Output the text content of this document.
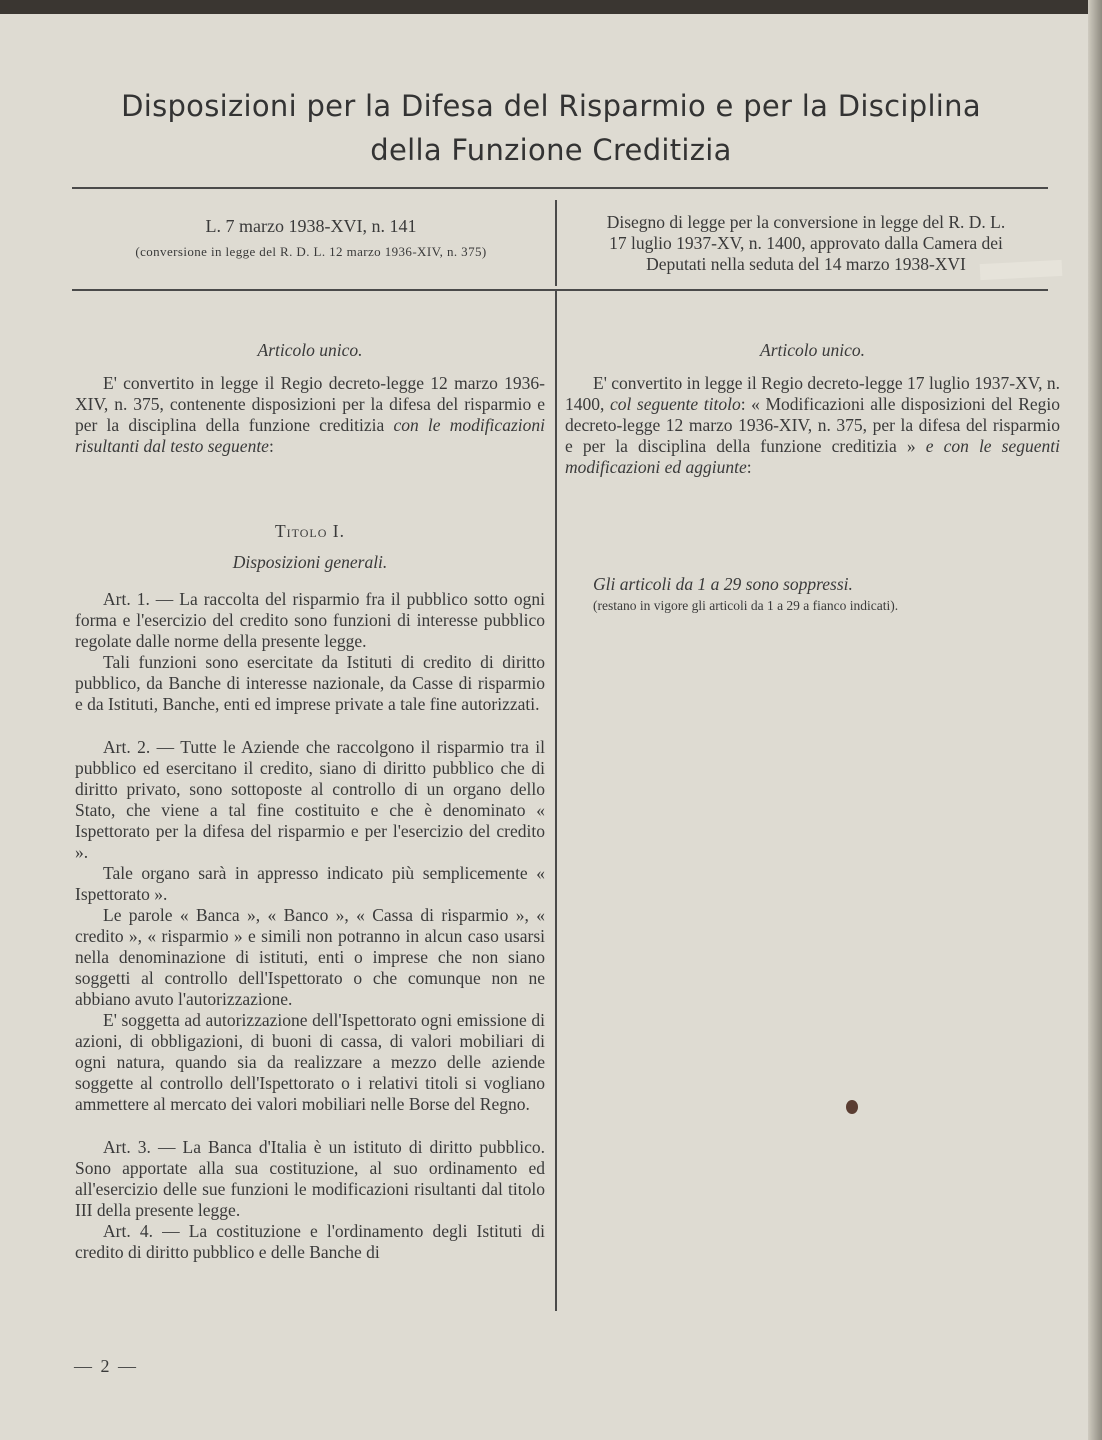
Disposizioni per la Difesa del Risparmio e per la Disciplina
della Funzione Creditizia
L. 7 marzo 1938-XVI, n. 141
(conversione in legge del R. D. L. 12 marzo 1936-XIV, n. 375)
Disegno di legge per la conversione in legge del R. D. L.
17 luglio 1937-XV, n. 1400, approvato dalla Camera dei
Deputati nella seduta del 14 marzo 1938-XVI

Articolo unico.

E' convertito in legge il Regio decreto-legge 12 marzo 1936-XIV, n. 375, contenente disposizioni per la difesa del risparmio e per la disciplina della funzione creditizia con le modificazioni risultanti dal testo seguente:

Titolo I.

Disposizioni generali.

Art. 1. — La raccolta del risparmio fra il pubblico sotto ogni forma e l'esercizio del credito sono funzioni di interesse pubblico regolate dalle norme della presente legge.

Tali funzioni sono esercitate da Istituti di credito di diritto pubblico, da Banche di interesse nazionale, da Casse di risparmio e da Istituti, Banche, enti ed imprese private a tale fine autorizzati.

Art. 2. — Tutte le Aziende che raccolgono il risparmio tra il pubblico ed esercitano il credito, siano di diritto pubblico che di diritto privato, sono sottoposte al controllo di un organo dello Stato, che viene a tal fine costituito e che è denominato « Ispettorato per la difesa del risparmio e per l'esercizio del credito ».

Tale organo sarà in appresso indicato più semplicemente « Ispettorato ».

Le parole « Banca », « Banco », « Cassa di risparmio », « credito », « risparmio » e simili non potranno in alcun caso usarsi nella denominazione di istituti, enti o imprese che non siano soggetti al controllo dell'Ispettorato o che comunque non ne abbiano avuto l'autorizzazione.

E' soggetta ad autorizzazione dell'Ispettorato ogni emissione di azioni, di obbligazioni, di buoni di cassa, di valori mobiliari di ogni natura, quando sia da realizzare a mezzo delle aziende soggette al controllo dell'Ispettorato o i relativi titoli si vogliano ammettere al mercato dei valori mobiliari nelle Borse del Regno.

Art. 3. — La Banca d'Italia è un istituto di diritto pubblico. Sono apportate alla sua costituzione, al suo ordinamento ed all'esercizio delle sue funzioni le modificazioni risultanti dal titolo III della presente legge.

Art. 4. — La costituzione e l'ordinamento degli Istituti di credito di diritto pubblico e delle Banche di

Articolo unico.

E' convertito in legge il Regio decreto-legge 17 luglio 1937-XV, n. 1400, col seguente titolo: « Modificazioni alle disposizioni del Regio decreto-legge 12 marzo 1936-XIV, n. 375, per la difesa del risparmio e per la disciplina della funzione creditizia » e con le seguenti modificazioni ed aggiunte:

Gli articoli da 1 a 29 sono soppressi.

(restano in vigore gli articoli da 1 a 29 a fianco indicati).

— 2 —
